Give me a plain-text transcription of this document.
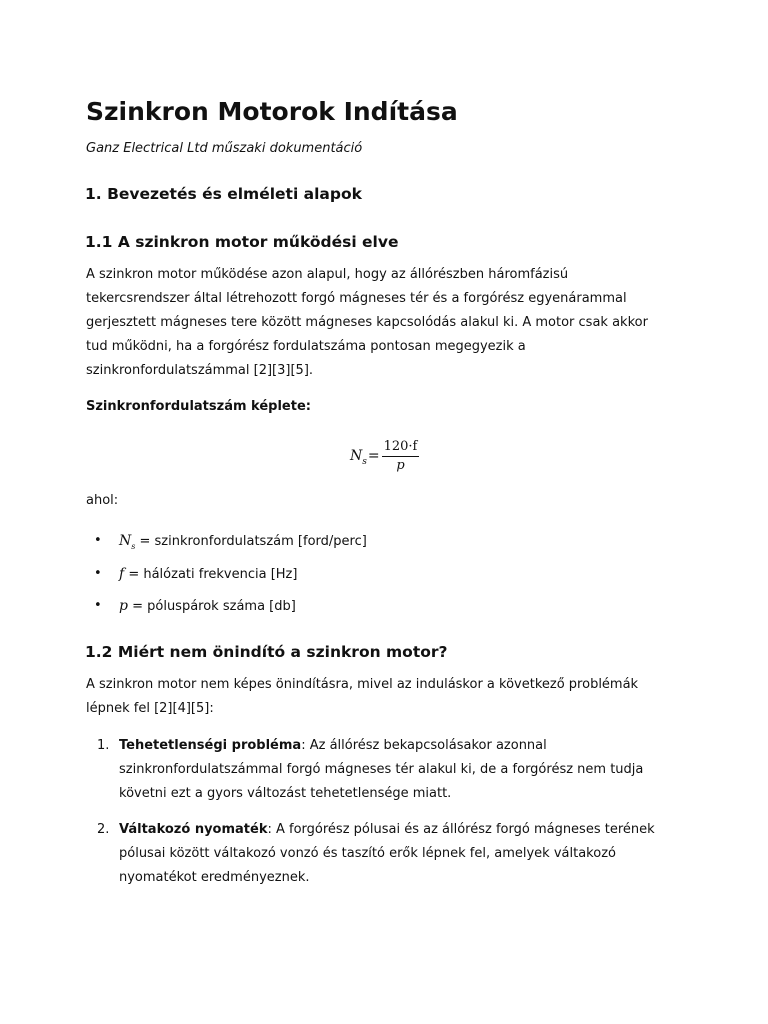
Szinkron Motorok Indítása

Ganz Electrical Ltd műszaki dokumentáció

1. Bevezetés és elméleti alapok
1.1 A szinkron motor működési elve
A szinkron motor működése azon alapul, hogy az állórészben háromfázisú
tekercsrendszer által létrehozott forgó mágneses tér és a forgórész egyenárammal
gerjesztett mágneses tere között mágneses kapcsolódás alakul ki. A motor csak akkor
tud működni, ha a forgórész fordulatszáma pontosan megegyezik a
szinkronfordulatszámmal [2][3][5].

Szinkronfordulatszám képlete:

$N_s = \frac{120\cdot f}{p}$

ahol:

• $N_s$ = szinkronfordulatszám [ford/perc]
• f = hálózati frekvencia [Hz]
• p = póluspárok száma [db]
1.2 Miért nem önindító a szinkron motor?
A szinkron motor nem képes önindításra, mivel az induláskor a következő problémák
lépnek fel [2][4][5]:
1. Tehetetlenségi probléma: Az állórész bekapcsolásakor azonnal
szinkronfordulatszámmal forgó mágneses tér alakul ki, de a forgórész nem tudja
követni ezt a gyors változást tehetetlensége miatt.
2. Váltakozó nyomaték: A forgórész pólusai és az állórész forgó mágneses terének
pólusai között váltakozó vonzó és taszító erők lépnek fel, amelyek váltakozó
nyomatékot eredményeznek.
